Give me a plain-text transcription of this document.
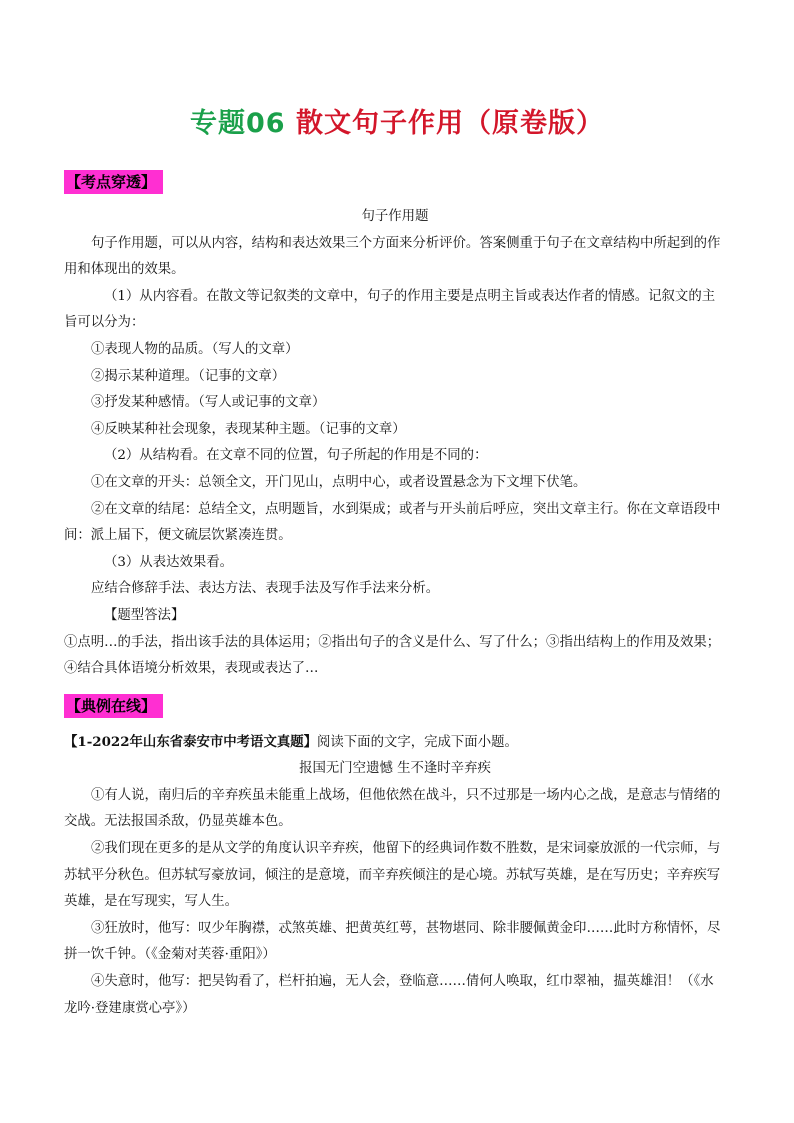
专题06 散文句子作用（原卷版）
【考点穿透】
【典例在线】

句子作用题

句子作用题，可以从内容，结构和表达效果三个方面来分析评价。答案侧重于句子在文章结构中所起到的作用和体现出的效果。

（1）从内容看。在散文等记叙类的文章中，句子的作用主要是点明主旨或表达作者的情感。记叙文的主旨可以分为：

①表现人物的品质。（写人的文章）

②揭示某种道理。（记事的文章）

③抒发某种感情。（写人或记事的文章）

④反映某种社会现象，表现某种主题。（记事的文章）

（2）从结构看。在文章不同的位置，句子所起的作用是不同的：

①在文章的开头：总领全文，开门见山，点明中心，或者设置悬念为下文埋下伏笔。

②在文章的结尾：总结全文，点明题旨，水到渠成；或者与开头前后呼应，突出文章主行。你在文章语段中间：派上届下，便文硫层饮紧凑连贯。

（3）从表达效果看。

应结合修辞手法、表达方法、表现手法及写作手法来分析。

【题型答法】

①点明…的手法，指出该手法的具体运用；②指出句子的含义是什么、写了什么；③指出结构上的作用及效果；④结合具体语境分析效果，表现或表达了…

【1-2022年山东省泰安市中考语文真题】阅读下面的文字，完成下面小题。

报国无门空遗憾 生不逢时辛弃疾

①有人说，南归后的辛弃疾虽未能重上战场，但他依然在战斗，只不过那是一场内心之战，是意志与情绪的交战。无法报国杀敌，仍显英雄本色。

②我们现在更多的是从文学的角度认识辛弃疾，他留下的经典词作数不胜数，是宋词豪放派的一代宗师，与苏轼平分秋色。但苏轼写豪放词，倾注的是意境，而辛弃疾倾注的是心境。苏轼写英雄，是在写历史；辛弃疾写英雄，是在写现实，写人生。

③狂放时，他写：叹少年胸襟，忒煞英雄、把黄英红萼，甚物堪同、除非腰佩黄金印……此时方称情怀，尽拼一饮千钟。（《金菊对芙蓉·重阳》）

④失意时，他写：把吴钩看了，栏杆拍遍，无人会，登临意……倩何人唤取，红巾翠袖，揾英雄泪！（《水龙吟·登建康赏心亭》）
